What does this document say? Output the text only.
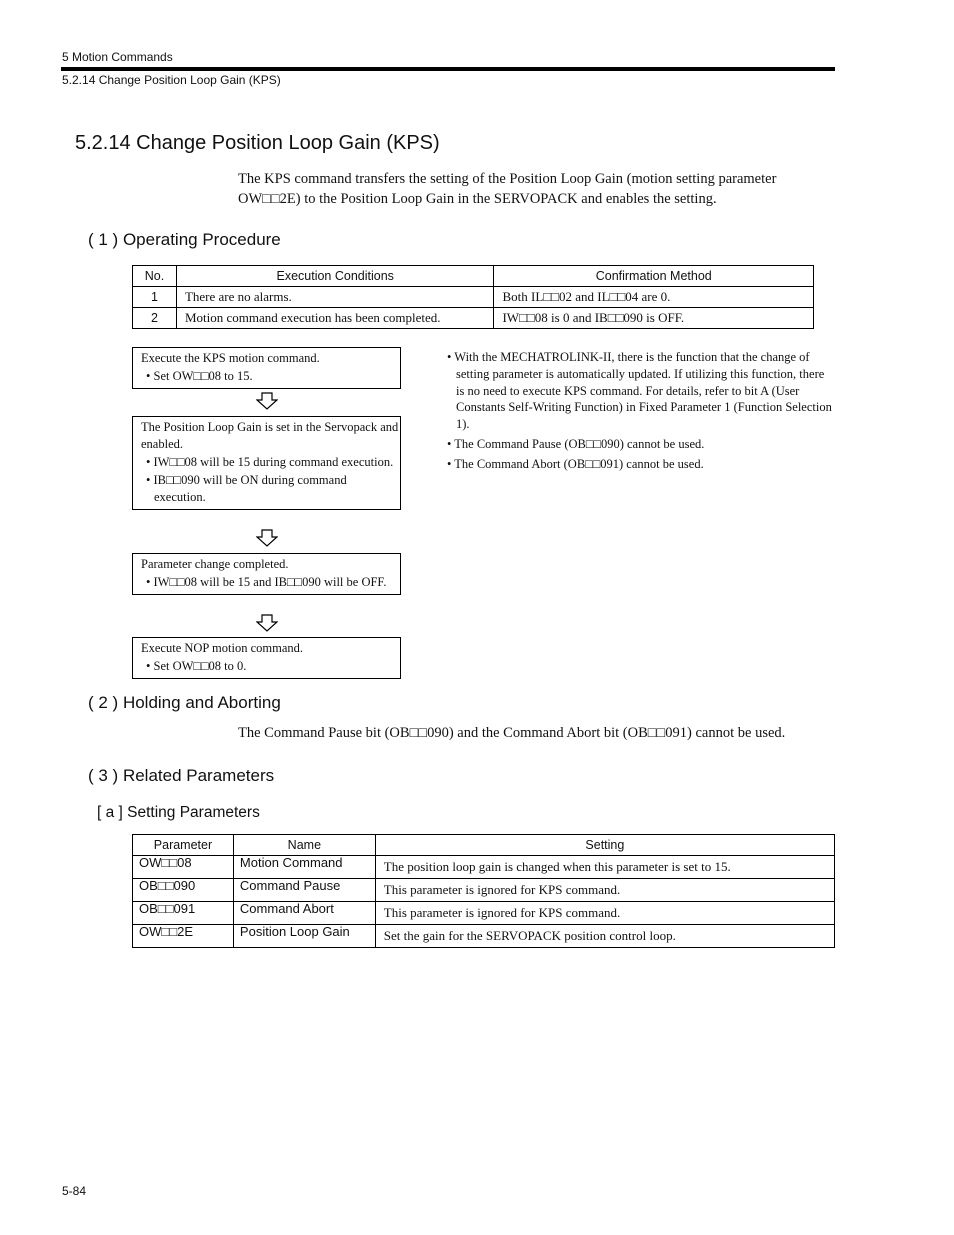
5 Motion Commands
5.2.14 Change Position Loop Gain (KPS)
5.2.14 Change Position Loop Gain (KPS)
The KPS command transfers the setting of the Position Loop Gain (motion setting parameter OW□□2E) to the Position Loop Gain in the SERVOPACK and enables the setting.
( 1 ) Operating Procedure
No.	Execution Conditions	Confirmation Method
1	There are no alarms.	Both IL□□02 and IL□□04 are 0.
2	Motion command execution has been completed.	IW□□08 is 0 and IB□□090 is OFF.
Execute the KPS motion command.
• Set OW□□08 to 15.
The Position Loop Gain is set in the Servopack and enabled.
• IW□□08 will be 15 during command execution.
• IB□□090 will be ON during command execution.
Parameter change completed.
• IW□□08 will be 15 and IB□□090 will be OFF.
Execute NOP motion command.
• Set OW□□08 to 0.
• With the MECHATROLINK-II, there is the function that the change of setting parameter is automatically updated. If utilizing this function, there is no need to execute KPS command. For details, refer to bit A (User Constants Self-Writing Function) in Fixed Parameter 1 (Function Selection 1).
• The Command Pause (OB□□090) cannot be used.
• The Command Abort (OB□□091) cannot be used.
( 2 ) Holding and Aborting
The Command Pause bit (OB□□090) and the Command Abort bit (OB□□091) cannot be used.
( 3 ) Related Parameters
[ a ] Setting Parameters
Parameter	Name	Setting
OW□□08	Motion Command	The position loop gain is changed when this parameter is set to 15.
OB□□090	Command Pause	This parameter is ignored for KPS command.
OB□□091	Command Abort	This parameter is ignored for KPS command.
OW□□2E	Position Loop Gain	Set the gain for the SERVOPACK position control loop.
5-84
